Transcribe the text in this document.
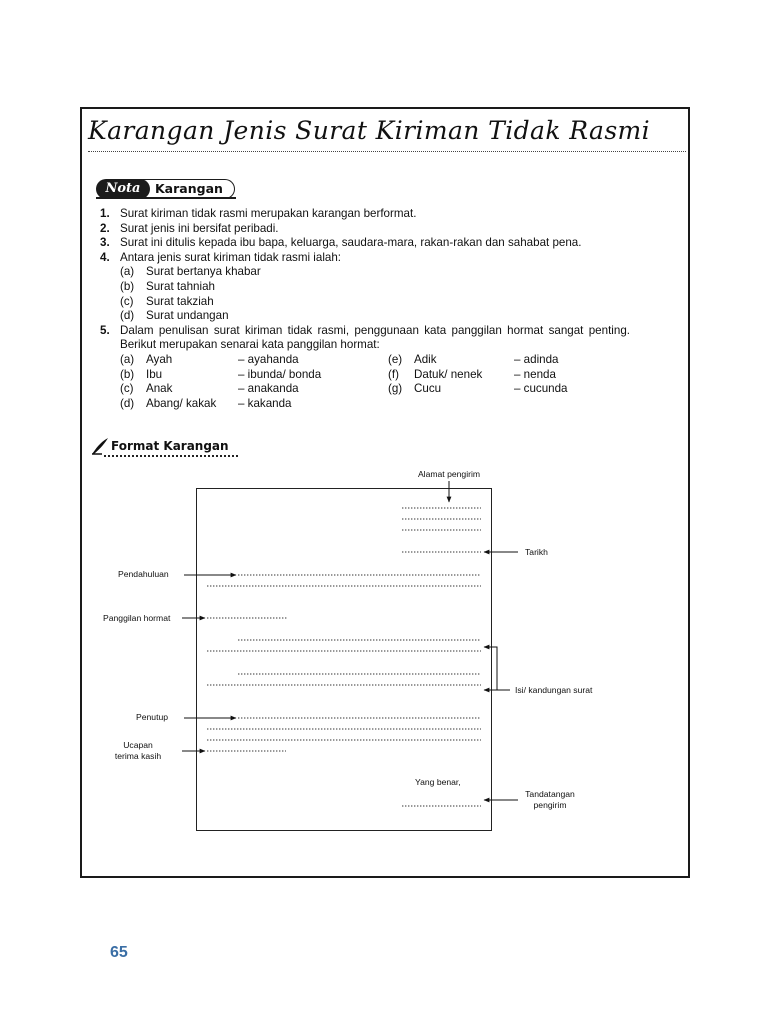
Karangan Jenis Surat Kiriman Tidak Rasmi
Nota	Karangan
1. Surat kiriman tidak rasmi merupakan karangan berformat.
2. Surat jenis ini bersifat peribadi.
3. Surat ini ditulis kepada ibu bapa, keluarga, saudara-mara, rakan-rakan dan sahabat pena.
4. Antara jenis surat kiriman tidak rasmi ialah:
(a)	Surat bertanya khabar
(b)	Surat tahniah
(c)	Surat takziah
(d)	Surat undangan
5. Dalam penulisan surat kiriman tidak rasmi, penggunaan kata panggilan hormat sangat penting. Berikut merupakan senarai kata panggilan hormat:
(a)	Ayah	– ayahanda	(e)	Adik	– adinda
(b)	Ibu	– ibunda/ bonda	(f)	Datuk/ nenek	– nenda
(c)	Anak	– anakanda	(g)	Cucu	– cucunda
(d)	Abang/ kakak	– kakanda
Format Karangan
Alamat pengirim
Tarikh
Pendahuluan
Panggilan hormat
Isi/ kandungan surat
Penutup
Ucapan
terima kasih
Yang benar,
Tandatangan
pengirim
65
